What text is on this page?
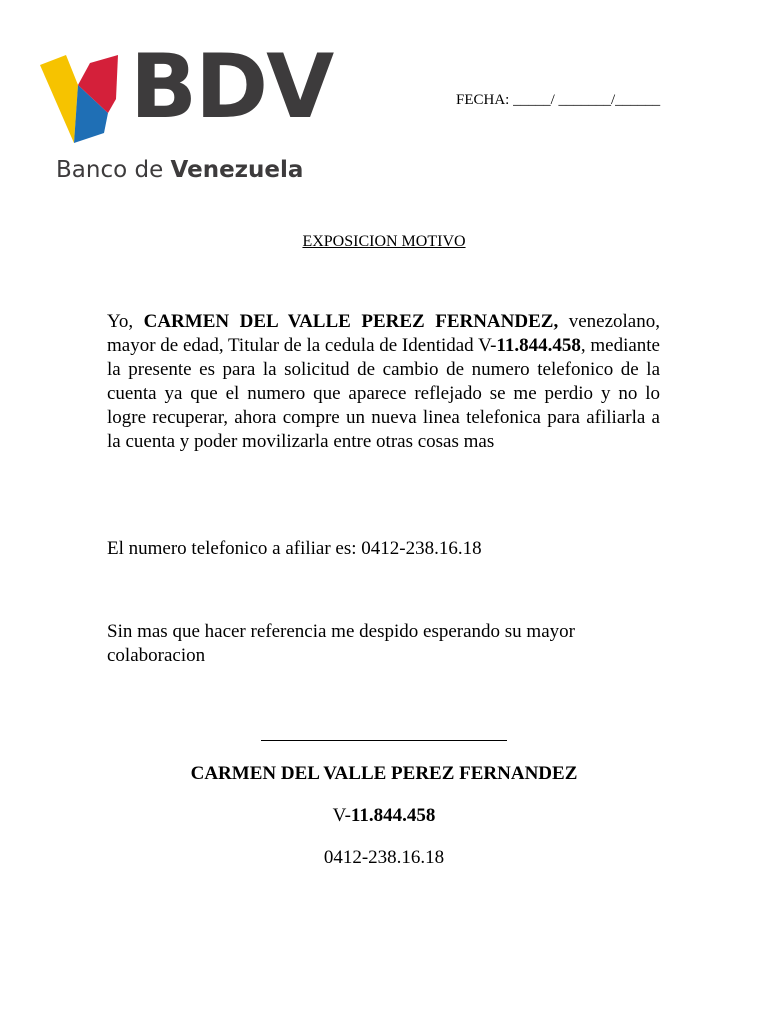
BDV
Banco de Venezuela
FECHA: _____/ _______/______
EXPOSICION MOTIVO
Yo, CARMEN DEL VALLE PEREZ FERNANDEZ, venezolano, mayor de edad, Titular de la cedula de Identidad V-11.844.458, mediante la presente es para la solicitud de cambio de numero telefonico de la cuenta ya que el numero que aparece reflejado se me perdio y no lo logre recuperar, ahora compre un nueva linea telefonica para afiliarla a la cuenta y poder movilizarla entre otras cosas mas
El numero telefonico a afiliar es: 0412-238.16.18
Sin mas que hacer referencia me despido esperando su mayor colaboracion
CARMEN DEL VALLE PEREZ FERNANDEZ
V-11.844.458
0412-238.16.18
